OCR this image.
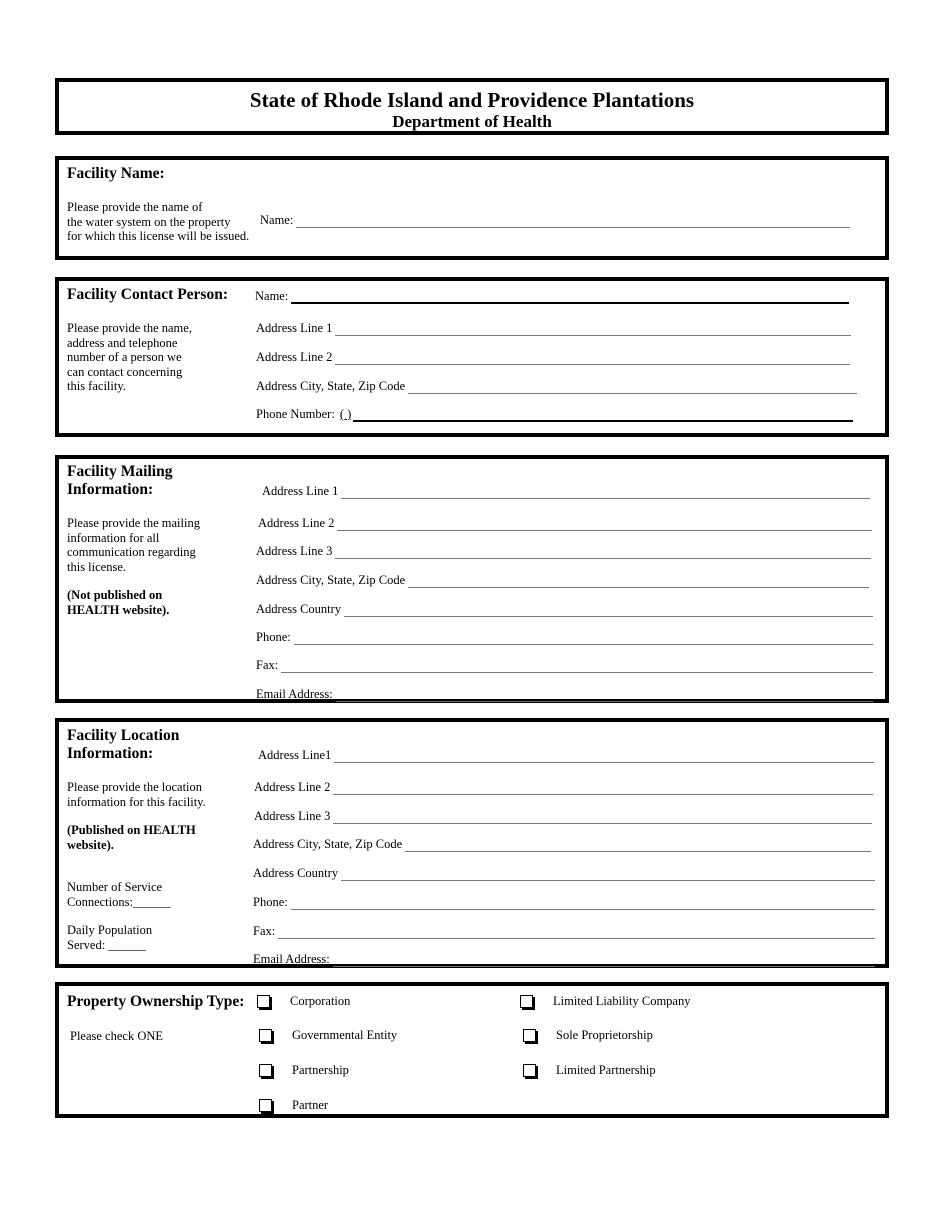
State of Rhode Island and Providence Plantations
Department of Health
Facility Name:
Please provide the name of
the water system on the property
for which this license will be issued.
Name:
Facility Contact Person:
Please provide the name,
address and telephone
number of a person we
can contact concerning
this facility.
Name:
Address Line 1
Address Line 2
Address City, State, Zip Code
Phone Number: ( )
Facility Mailing
Information:
Please provide the mailing
information for all
communication regarding
this license.
(Not published on
HEALTH website).
Address Line 1
Address Line 2
Address Line 3
Address City, State, Zip Code
Address Country
Phone:
Fax:
Email Address:
Facility Location
Information:
Please provide the location
information for this facility.
(Published on HEALTH
website).
Number of Service
Connections:______
Daily Population
Served: ______
Address Line1
Address Line 2
Address Line 3
Address City, State, Zip Code
Address Country
Phone:
Fax:
Email Address:
Property Ownership Type:
Please check ONE
Corporation	Limited Liability Company
Governmental Entity	Sole Proprietorship
Partnership	Limited Partnership
Partner
